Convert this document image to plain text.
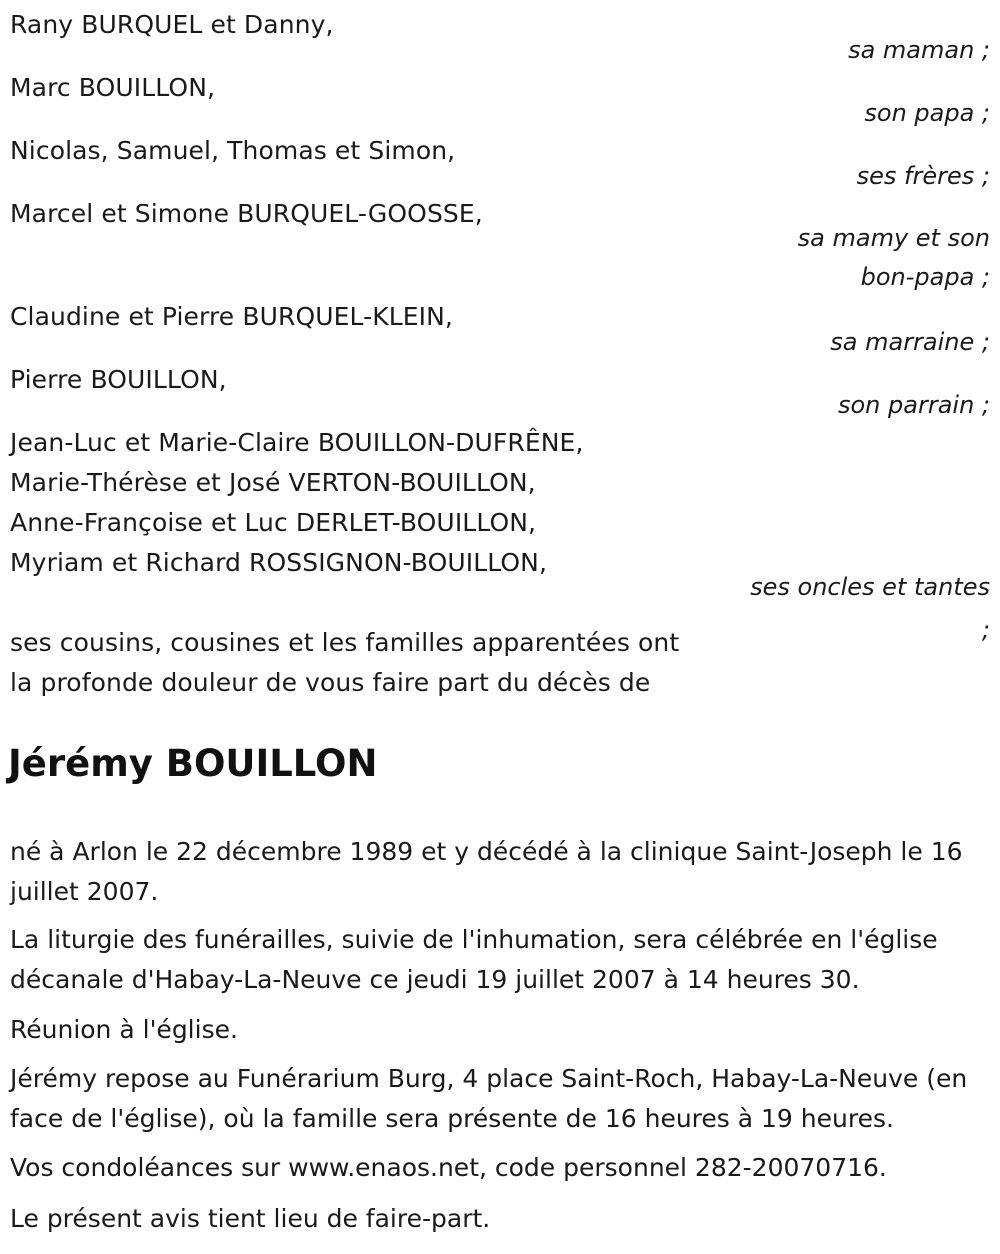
Rany BURQUEL et Danny,
sa maman ;
Marc BOUILLON,
son papa ;
Nicolas, Samuel, Thomas et Simon,
ses frères ;
Marcel et Simone BURQUEL-GOOSSE,
sa mamy et son
bon-papa ;
Claudine et Pierre BURQUEL-KLEIN,
sa marraine ;
Pierre BOUILLON,
son parrain ;
Jean-Luc et Marie-Claire BOUILLON-DUFRÊNE,
Marie-Thérèse et José VERTON-BOUILLON,
Anne-Françoise et Luc DERLET-BOUILLON,
Myriam et Richard ROSSIGNON-BOUILLON,
ses oncles et tantes
;
ses cousins, cousines et les familles apparentées ont
la profonde douleur de vous faire part du décès de
Jérémy BOUILLON
né à Arlon le 22 décembre 1989 et y décédé à la clinique Saint-Joseph le 16 juillet 2007.
La liturgie des funérailles, suivie de l'inhumation, sera célébrée en l'église décanale d'Habay-La-Neuve ce jeudi 19 juillet 2007 à 14 heures 30.
Réunion à l'église.
Jérémy repose au Funérarium Burg, 4 place Saint-Roch, Habay-La-Neuve (en face de l'église), où la famille sera présente de 16 heures à 19 heures.
Vos condoléances sur www.enaos.net, code personnel 282-20070716.
Le présent avis tient lieu de faire-part.
